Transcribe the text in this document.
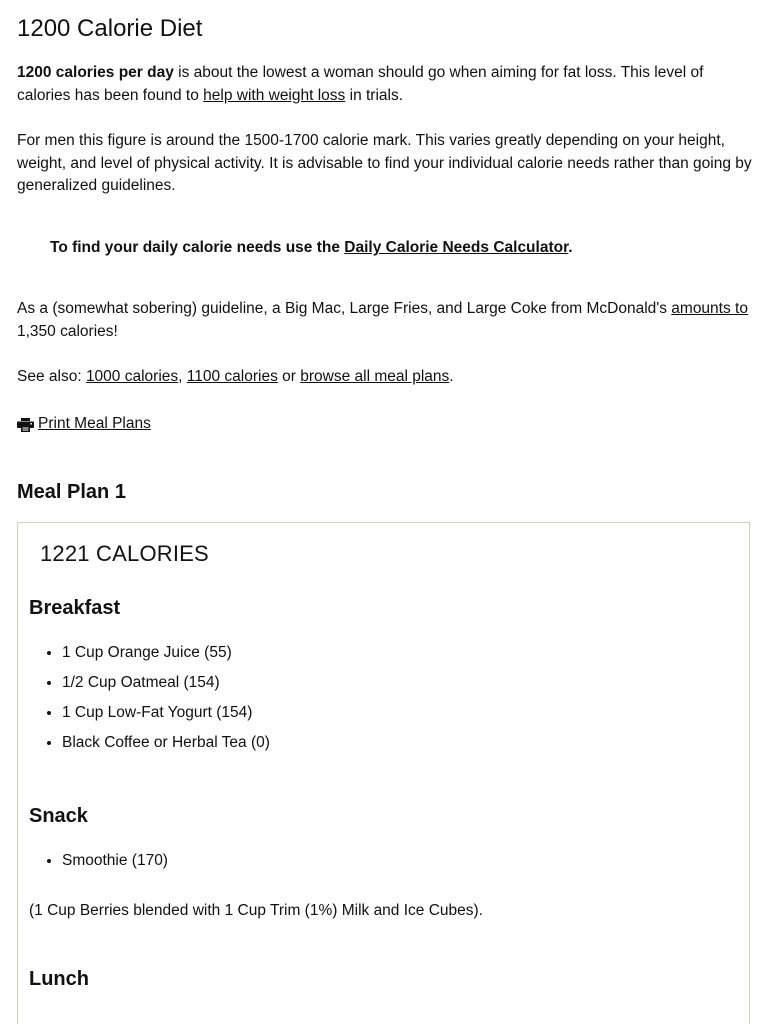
1200 Calorie Diet

1200 calories per day is about the lowest a woman should go when aiming for fat loss. This level of calories has been found to help with weight loss in trials.

For men this figure is around the 1500-1700 calorie mark. This varies greatly depending on your height, weight, and level of physical activity. It is advisable to find your individual calorie needs rather than going by generalized guidelines.

To find your daily calorie needs use the Daily Calorie Needs Calculator.

As a (somewhat sobering) guideline, a Big Mac, Large Fries, and Large Coke from McDonald's amounts to 1,350 calories!

See also: 1000 calories, 1100 calories or browse all meal plans.

Print Meal Plans
Meal Plan 1
1221 CALORIES
Breakfast
• 1 Cup Orange Juice (55)
• 1/2 Cup Oatmeal (154)
• 1 Cup Low-Fat Yogurt (154)
• Black Coffee or Herbal Tea (0)
Snack
• Smoothie (170)

(1 Cup Berries blended with 1 Cup Trim (1%) Milk and Ice Cubes).

Lunch
